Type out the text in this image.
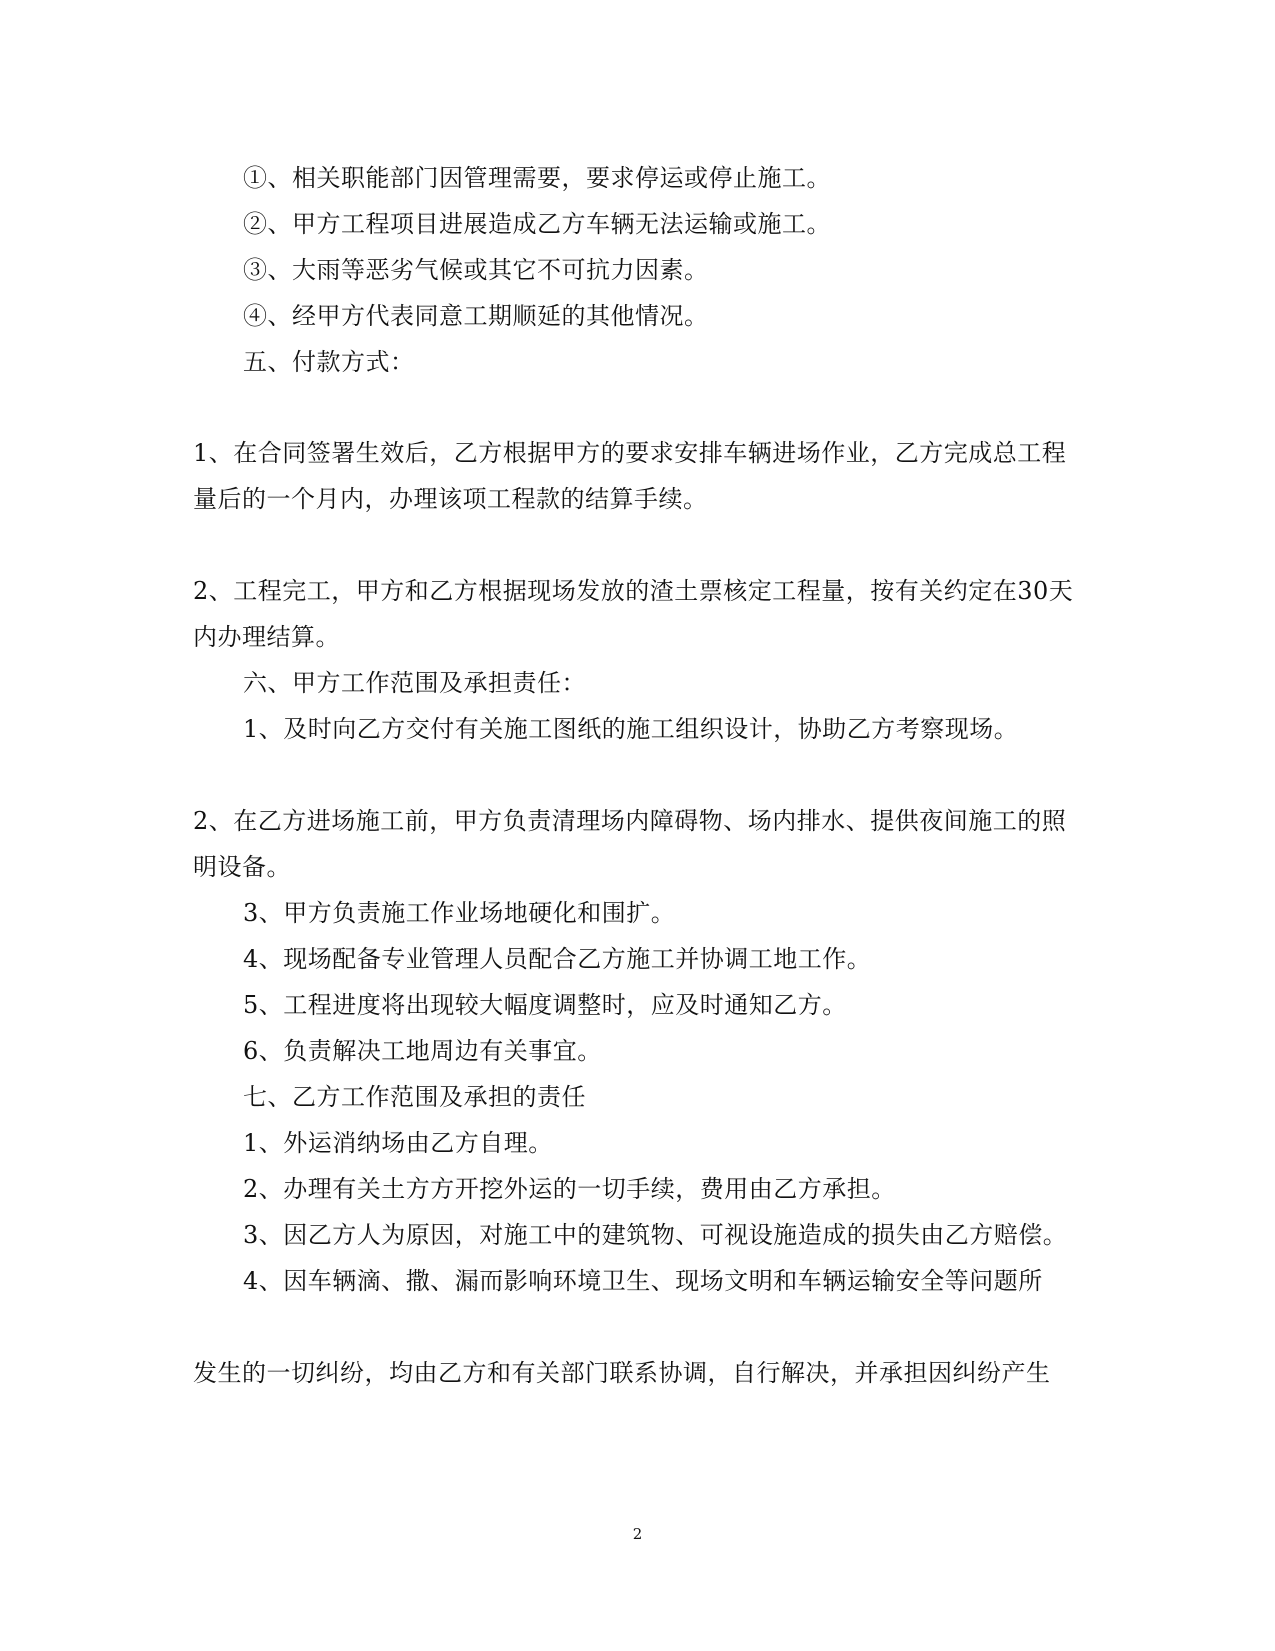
①、相关职能部门因管理需要，要求停运或停止施工。
②、甲方工程项目进展造成乙方车辆无法运输或施工。
③、大雨等恶劣气候或其它不可抗力因素。
④、经甲方代表同意工期顺延的其他情况。
五、付款方式：
1、在合同签署生效后，乙方根据甲方的要求安排车辆进场作业，乙方完成总工程
量后的一个月内，办理该项工程款的结算手续。
2、工程完工，甲方和乙方根据现场发放的渣土票核定工程量，按有关约定在30天
内办理结算。
六、甲方工作范围及承担责任：
1、及时向乙方交付有关施工图纸的施工组织设计，协助乙方考察现场。
2、在乙方进场施工前，甲方负责清理场内障碍物、场内排水、提供夜间施工的照
明设备。
3、甲方负责施工作业场地硬化和围扩。
4、现场配备专业管理人员配合乙方施工并协调工地工作。
5、工程进度将出现较大幅度调整时，应及时通知乙方。
6、负责解决工地周边有关事宜。
七、乙方工作范围及承担的责任
1、外运消纳场由乙方自理。
2、办理有关土方方开挖外运的一切手续，费用由乙方承担。
3、因乙方人为原因，对施工中的建筑物、可视设施造成的损失由乙方赔偿。
4、因车辆滴、撒、漏而影响环境卫生、现场文明和车辆运输安全等问题所
发生的一切纠纷，均由乙方和有关部门联系协调，自行解决，并承担因纠纷产生
2
